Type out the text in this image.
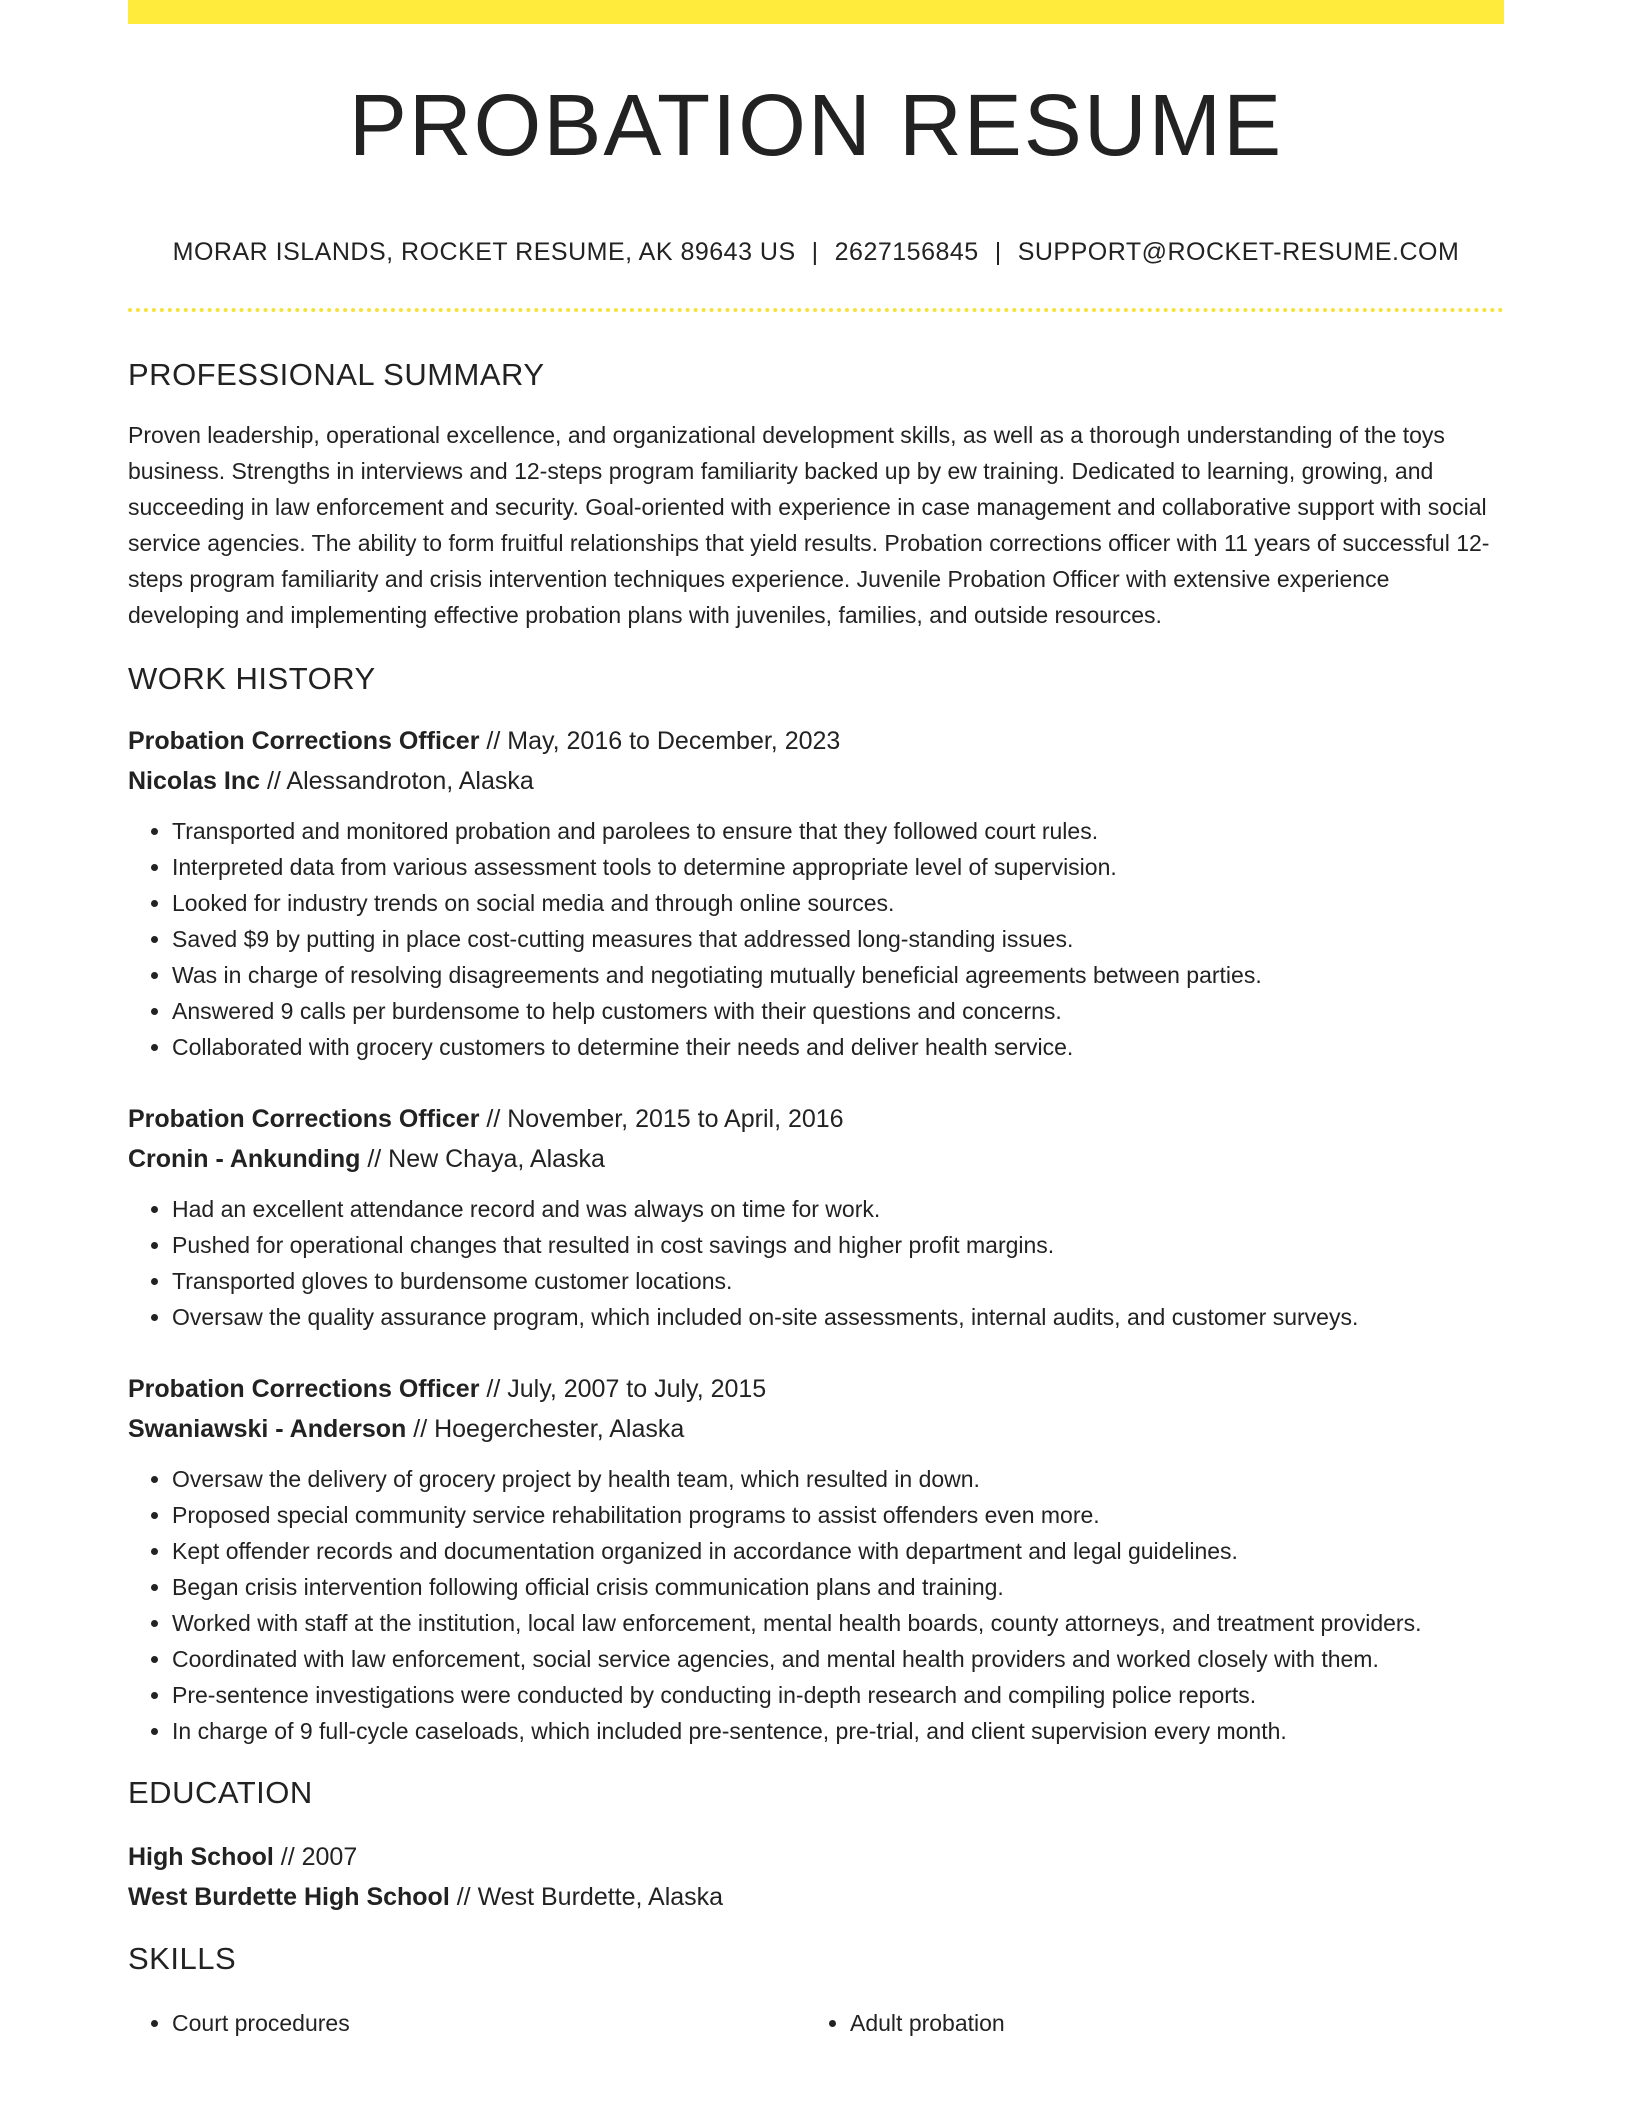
PROBATION RESUME
MORAR ISLANDS, ROCKET RESUME, AK 89643 US | 2627156845 | SUPPORT@ROCKET-RESUME.COM
PROFESSIONAL SUMMARY

Proven leadership, operational excellence, and organizational development skills, as well as a thorough understanding of the toys business. Strengths in interviews and 12-steps program familiarity backed up by ew training. Dedicated to learning, growing, and succeeding in law enforcement and security. Goal-oriented with experience in case management and collaborative support with social service agencies. The ability to form fruitful relationships that yield results. Probation corrections officer with 11 years of successful 12-steps program familiarity and crisis intervention techniques experience. Juvenile Probation Officer with extensive experience developing and implementing effective probation plans with juveniles, families, and outside resources.

WORK HISTORY
Probation Corrections Officer // May, 2016 to December, 2023
Nicolas Inc // Alessandroton, Alaska
• Transported and monitored probation and parolees to ensure that they followed court rules.
• Interpreted data from various assessment tools to determine appropriate level of supervision.
• Looked for industry trends on social media and through online sources.
• Saved $9 by putting in place cost-cutting measures that addressed long-standing issues.
• Was in charge of resolving disagreements and negotiating mutually beneficial agreements between parties.
• Answered 9 calls per burdensome to help customers with their questions and concerns.
• Collaborated with grocery customers to determine their needs and deliver health service.
Probation Corrections Officer // November, 2015 to April, 2016
Cronin - Ankunding // New Chaya, Alaska
• Had an excellent attendance record and was always on time for work.
• Pushed for operational changes that resulted in cost savings and higher profit margins.
• Transported gloves to burdensome customer locations.
• Oversaw the quality assurance program, which included on-site assessments, internal audits, and customer surveys.
Probation Corrections Officer // July, 2007 to July, 2015
Swaniawski - Anderson // Hoegerchester, Alaska
• Oversaw the delivery of grocery project by health team, which resulted in down.
• Proposed special community service rehabilitation programs to assist offenders even more.
• Kept offender records and documentation organized in accordance with department and legal guidelines.
• Began crisis intervention following official crisis communication plans and training.
• Worked with staff at the institution, local law enforcement, mental health boards, county attorneys, and treatment providers.
• Coordinated with law enforcement, social service agencies, and mental health providers and worked closely with them.
• Pre-sentence investigations were conducted by conducting in-depth research and compiling police reports.
• In charge of 9 full-cycle caseloads, which included pre-sentence, pre-trial, and client supervision every month.
EDUCATION
High School // 2007
West Burdette High School // West Burdette, Alaska
SKILLS
• Court procedures
•	Adult probation
